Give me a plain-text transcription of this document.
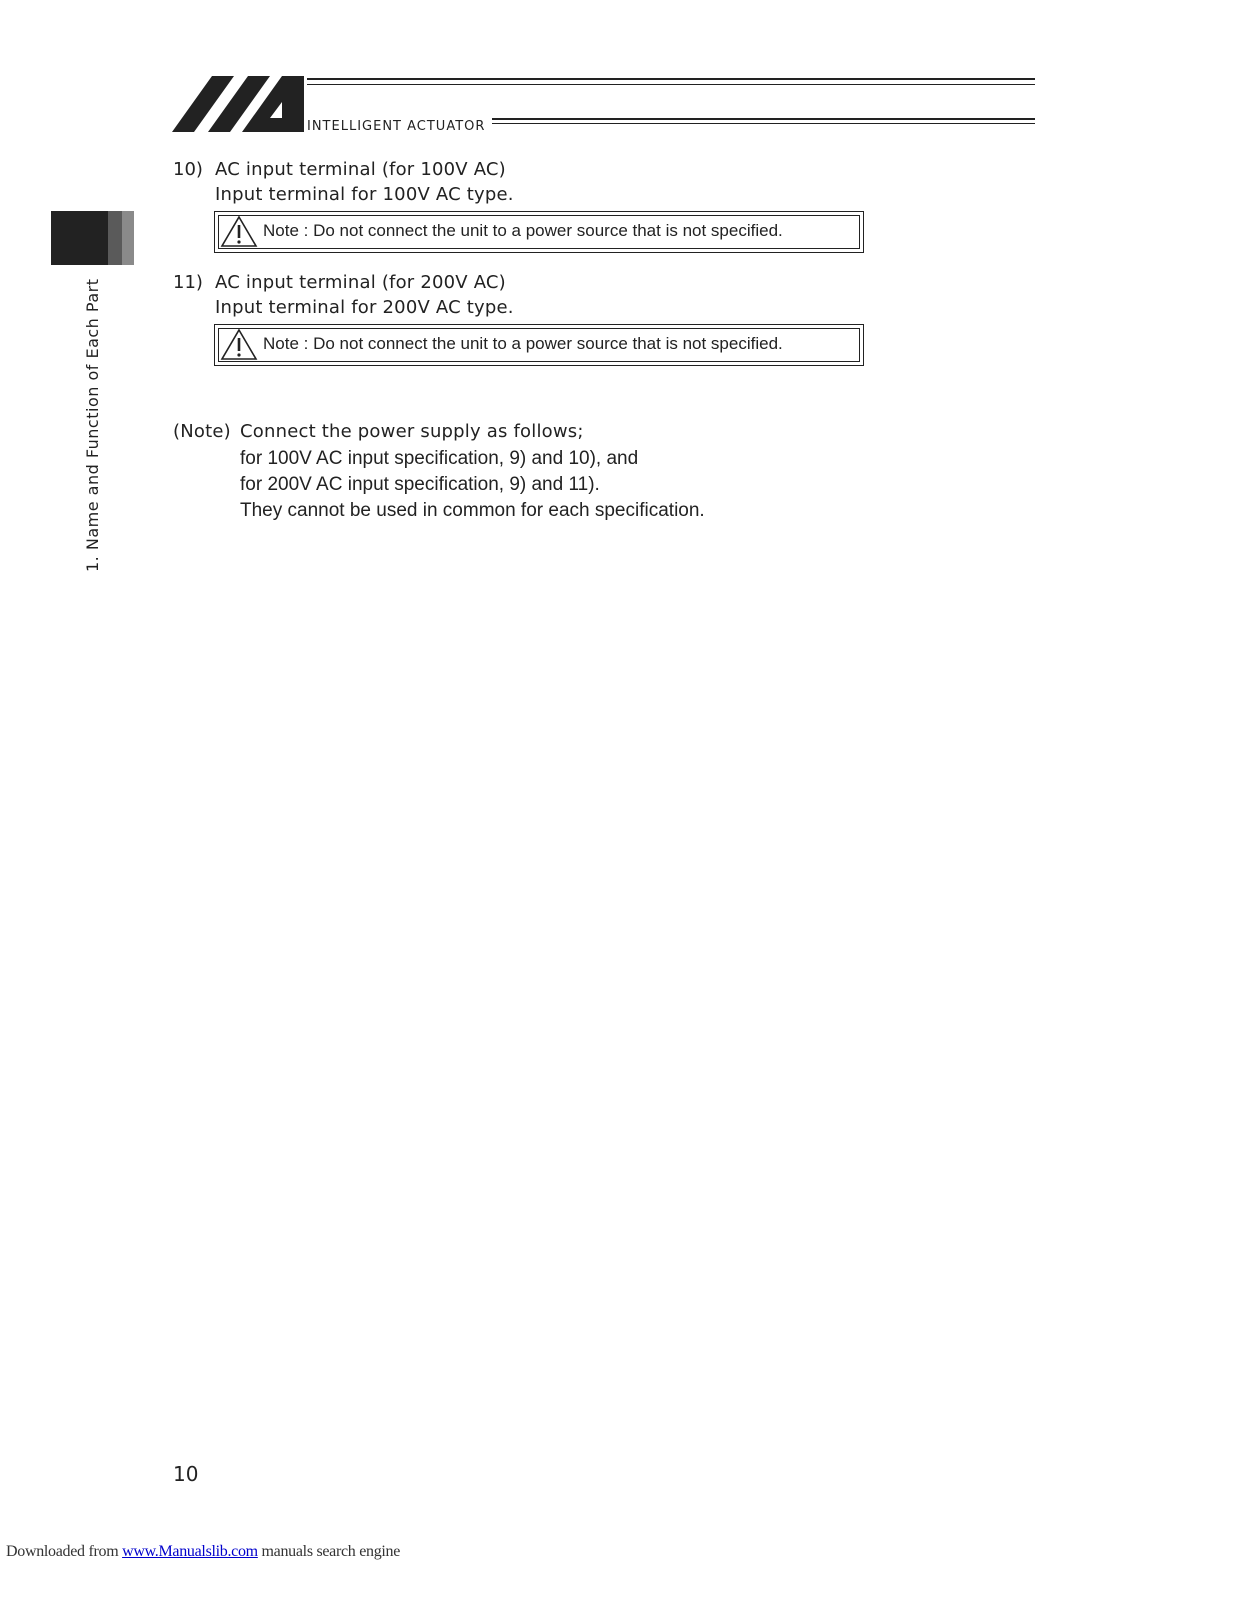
INTELLIGENT ACTUATOR
1. Name and Function of Each Part
10) AC input terminal (for 100V AC)
Input terminal for 100V AC type.
Note : Do not connect the unit to a power source that is not specified.
11) AC input terminal (for 200V AC)
Input terminal for 200V AC type.
Note : Do not connect the unit to a power source that is not specified.
(Note) Connect the power supply as follows;
for 100V AC input specification, 9) and 10), and
for 200V AC input specification, 9) and 11).
They cannot be used in common for each specification.
10
Downloaded from www.Manualslib.com manuals search engine
